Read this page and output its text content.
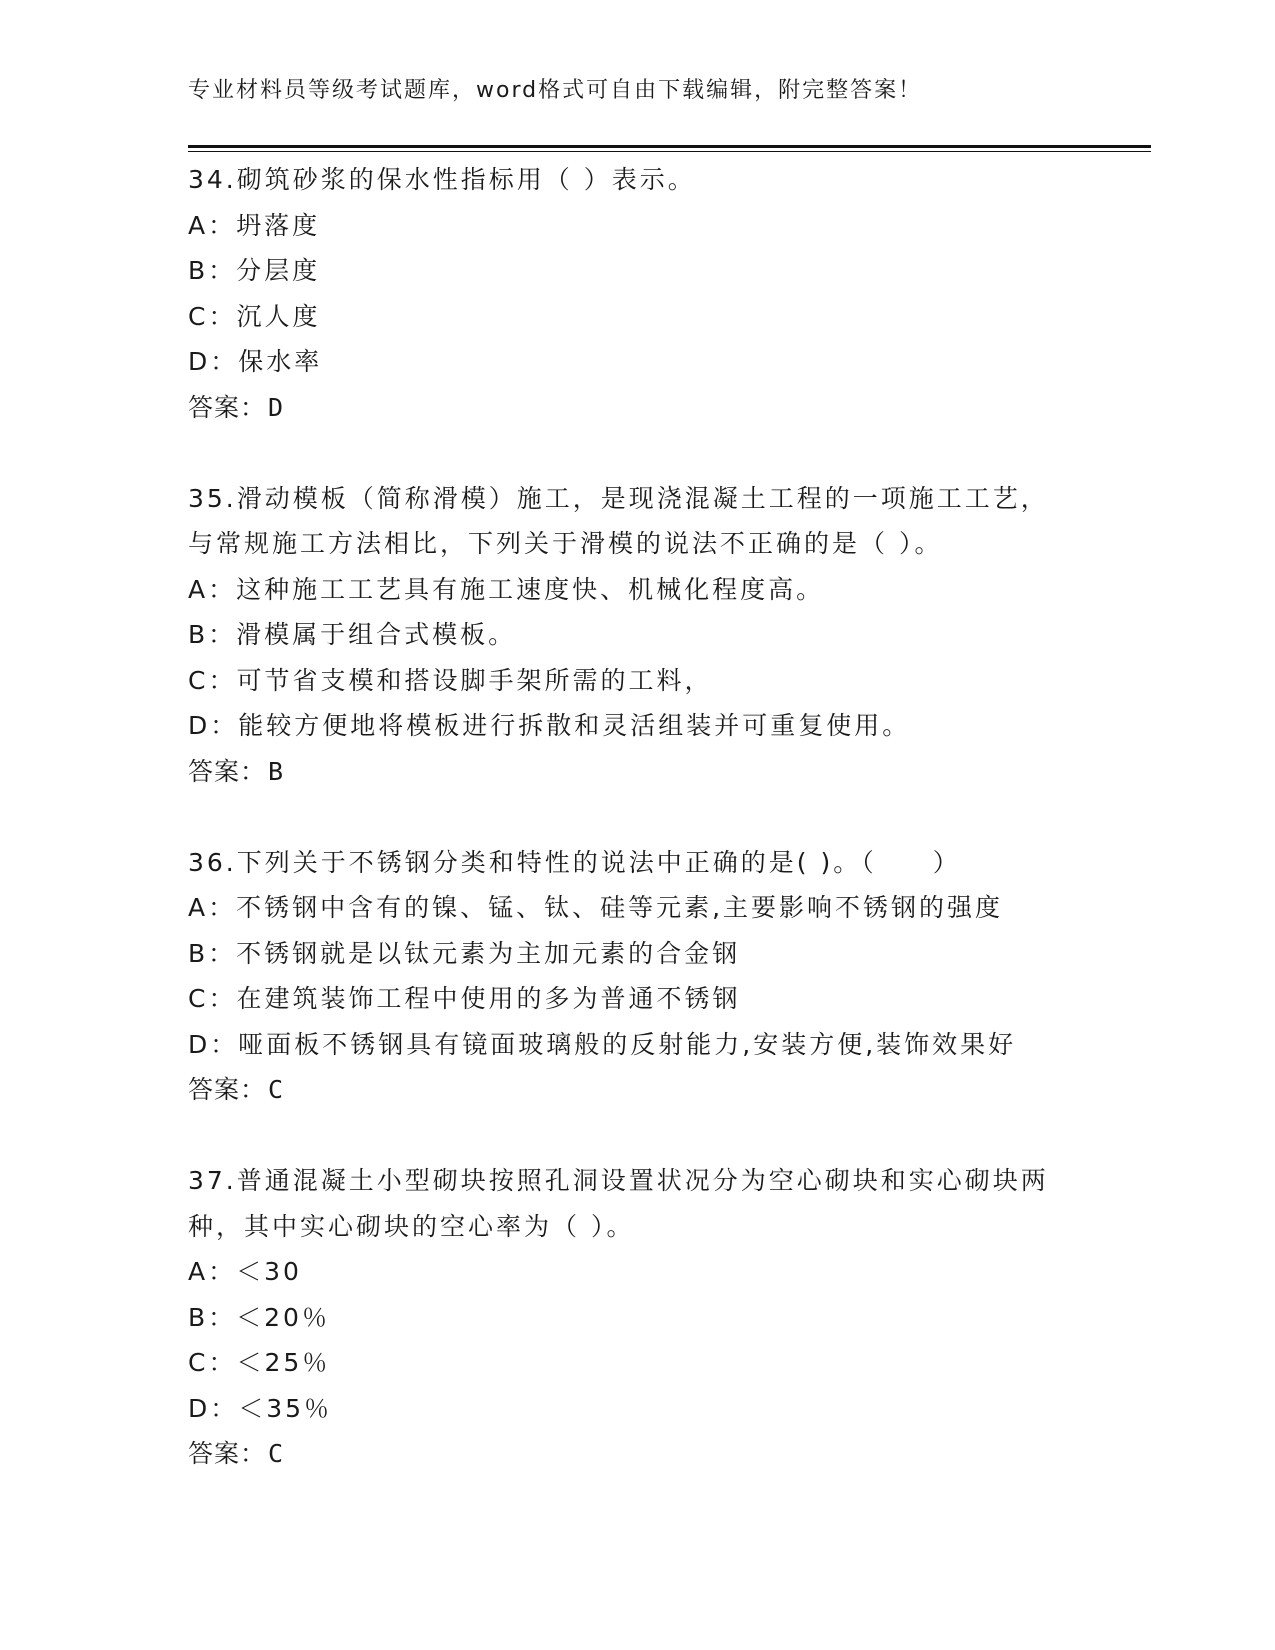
专业材料员等级考试题库，word格式可自由下载编辑，附完整答案！
34.砌筑砂浆的保水性指标用（ ）表示。
A：坍落度
B：分层度
C：沉人度
D：保水率
答案：D
35.滑动模板（简称滑模）施工，是现浇混凝土工程的一项施工工艺，
与常规施工方法相比，下列关于滑模的说法不正确的是（ ）。
A：这种施工工艺具有施工速度快、机械化程度高。
B：滑模属于组合式模板。
C：可节省支模和搭设脚手架所需的工料，
D：能较方便地将模板进行拆散和灵活组装并可重复使用。
答案：B
36.下列关于不锈钢分类和特性的说法中正确的是( )。（　　）
A：不锈钢中含有的镍、锰、钛、硅等元素,主要影响不锈钢的强度
B：不锈钢就是以钛元素为主加元素的合金钢
C：在建筑装饰工程中使用的多为普通不锈钢
D：哑面板不锈钢具有镜面玻璃般的反射能力,安装方便,装饰效果好
答案：C
37.普通混凝土小型砌块按照孔洞设置状况分为空心砌块和实心砌块两
种，其中实心砌块的空心率为（ ）。
A：＜30
B：＜20％
C：＜25％
D：＜35％
答案：C
